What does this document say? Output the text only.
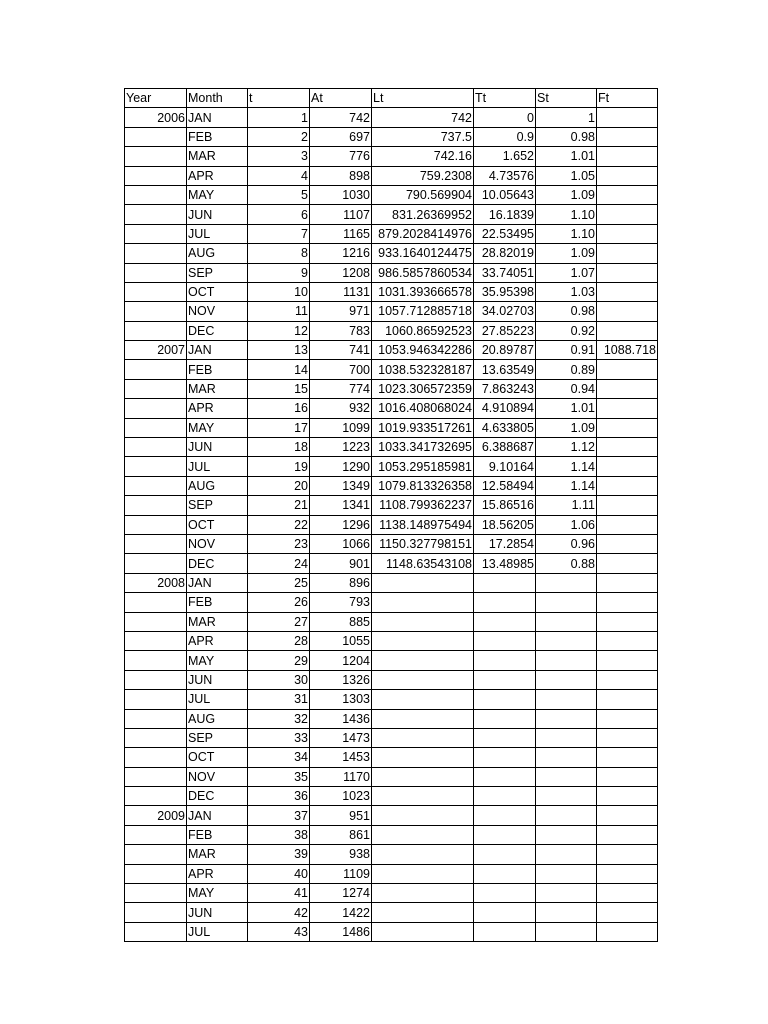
Year	Month	t	At	Lt	Tt	St	Ft
2006	JAN	1	742	742	0	1	
	FEB	2	697	737.5	0.9	0.98	
	MAR	3	776	742.16	1.652	1.01	
	APR	4	898	759.2308	4.73576	1.05	
	MAY	5	1030	790.569904	10.05643	1.09	
	JUN	6	1107	831.26369952	16.1839	1.10	
	JUL	7	1165	879.2028414976	22.53495	1.10	
	AUG	8	1216	933.1640124475	28.82019	1.09	
	SEP	9	1208	986.5857860534	33.74051	1.07	
	OCT	10	1131	1031.393666578	35.95398	1.03	
	NOV	11	971	1057.712885718	34.02703	0.98	
	DEC	12	783	1060.86592523	27.85223	0.92	
2007	JAN	13	741	1053.946342286	20.89787	0.91	1088.718
	FEB	14	700	1038.532328187	13.63549	0.89	
	MAR	15	774	1023.306572359	7.863243	0.94	
	APR	16	932	1016.408068024	4.910894	1.01	
	MAY	17	1099	1019.933517261	4.633805	1.09	
	JUN	18	1223	1033.341732695	6.388687	1.12	
	JUL	19	1290	1053.295185981	9.10164	1.14	
	AUG	20	1349	1079.813326358	12.58494	1.14	
	SEP	21	1341	1108.799362237	15.86516	1.11	
	OCT	22	1296	1138.148975494	18.56205	1.06	
	NOV	23	1066	1150.327798151	17.2854	0.96	
	DEC	24	901	1148.63543108	13.48985	0.88	
2008	JAN	25	896				
	FEB	26	793				
	MAR	27	885				
	APR	28	1055				
	MAY	29	1204				
	JUN	30	1326				
	JUL	31	1303				
	AUG	32	1436				
	SEP	33	1473				
	OCT	34	1453				
	NOV	35	1170				
	DEC	36	1023				
2009	JAN	37	951				
	FEB	38	861				
	MAR	39	938				
	APR	40	1109				
	MAY	41	1274				
	JUN	42	1422				
	JUL	43	1486				
